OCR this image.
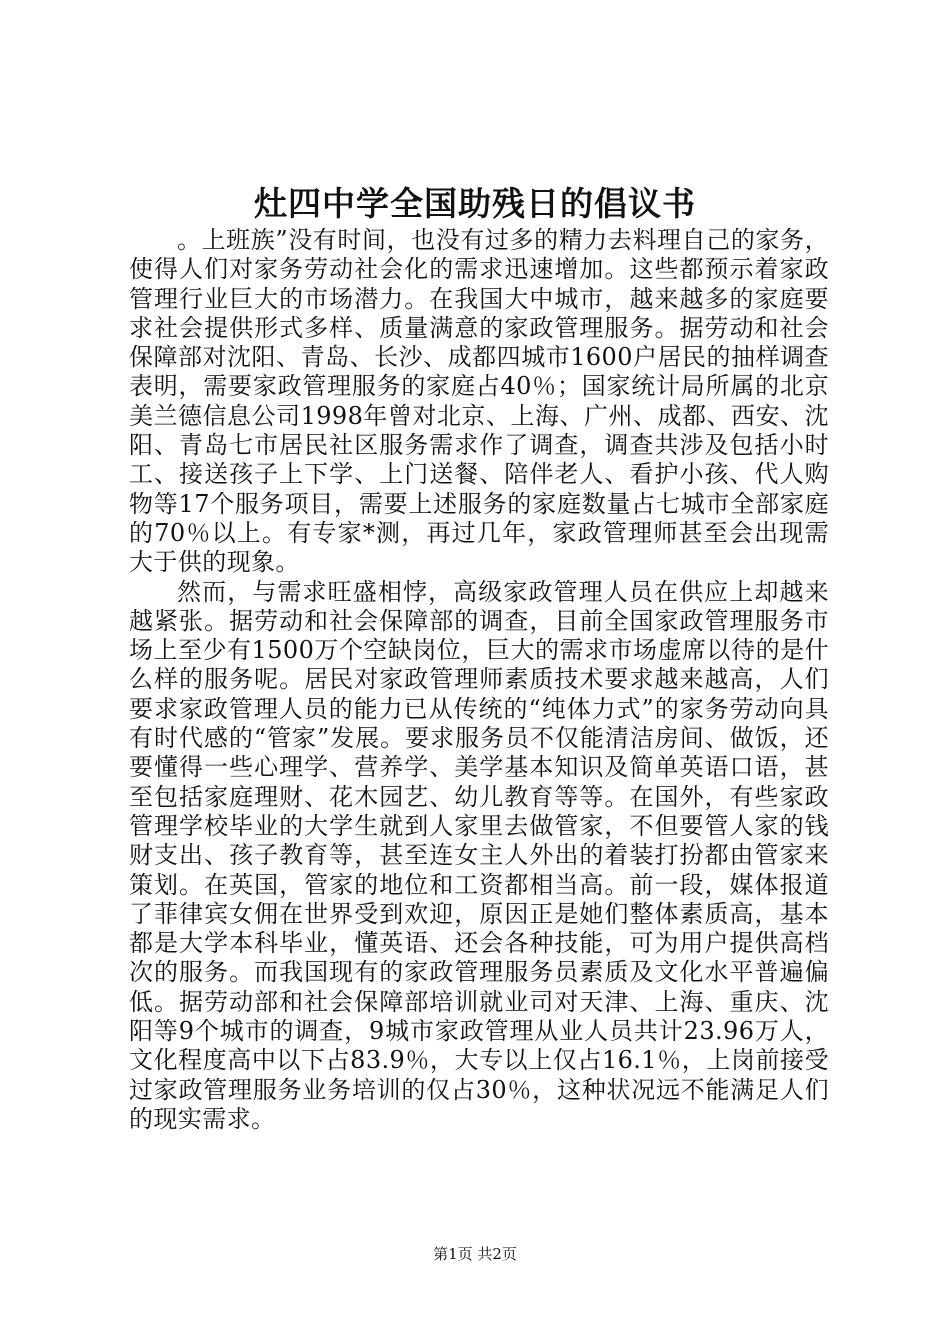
灶四中学全国助残日的倡议书

。上班族”没有时间，也没有过多的精力去料理自己的家务，使得人们对家务劳动社会化的需求迅速增加。这些都预示着家政管理行业巨大的市场潜力。在我国大中城市，越来越多的家庭要求社会提供形式多样、质量满意的家政管理服务。据劳动和社会保障部对沈阳、青岛、长沙、成都四城市1600户居民的抽样调查表明，需要家政管理服务的家庭占40％；国家统计局所属的北京美兰德信息公司1998年曾对北京、上海、广州、成都、西安、沈阳、青岛七市居民社区服务需求作了调查，调查共涉及包括小时工、接送孩子上下学、上门送餐、陪伴老人、看护小孩、代人购物等17个服务项目，需要上述服务的家庭数量占七城市全部家庭的70％以上。有专家*测，再过几年，家政管理师甚至会出现需大于供的现象。

然而，与需求旺盛相悖，高级家政管理人员在供应上却越来越紧张。据劳动和社会保障部的调查，目前全国家政管理服务市场上至少有1500万个空缺岗位，巨大的需求市场虚席以待的是什么样的服务呢。居民对家政管理师素质技术要求越来越高，人们要求家政管理人员的能力已从传统的“纯体力式”的家务劳动向具有时代感的“管家”发展。要求服务员不仅能清洁房间、做饭，还要懂得一些心理学、营养学、美学基本知识及简单英语口语，甚至包括家庭理财、花木园艺、幼儿教育等等。在国外，有些家政管理学校毕业的大学生就到人家里去做管家，不但要管人家的钱财支出、孩子教育等，甚至连女主人外出的着装打扮都由管家来策划。在英国，管家的地位和工资都相当高。前一段，媒体报道了菲律宾女佣在世界受到欢迎，原因正是她们整体素质高，基本都是大学本科毕业，懂英语、还会各种技能，可为用户提供高档次的服务。而我国现有的家政管理服务员素质及文化水平普遍偏低。据劳动部和社会保障部培训就业司对天津、上海、重庆、沈阳等9个城市的调查，9城市家政管理从业人员共计23.96万人，文化程度高中以下占83.9％，大专以上仅占16.1％，上岗前接受过家政管理服务业务培训的仅占30％，这种状况远不能满足人们的现实需求。

第1页 共2页
